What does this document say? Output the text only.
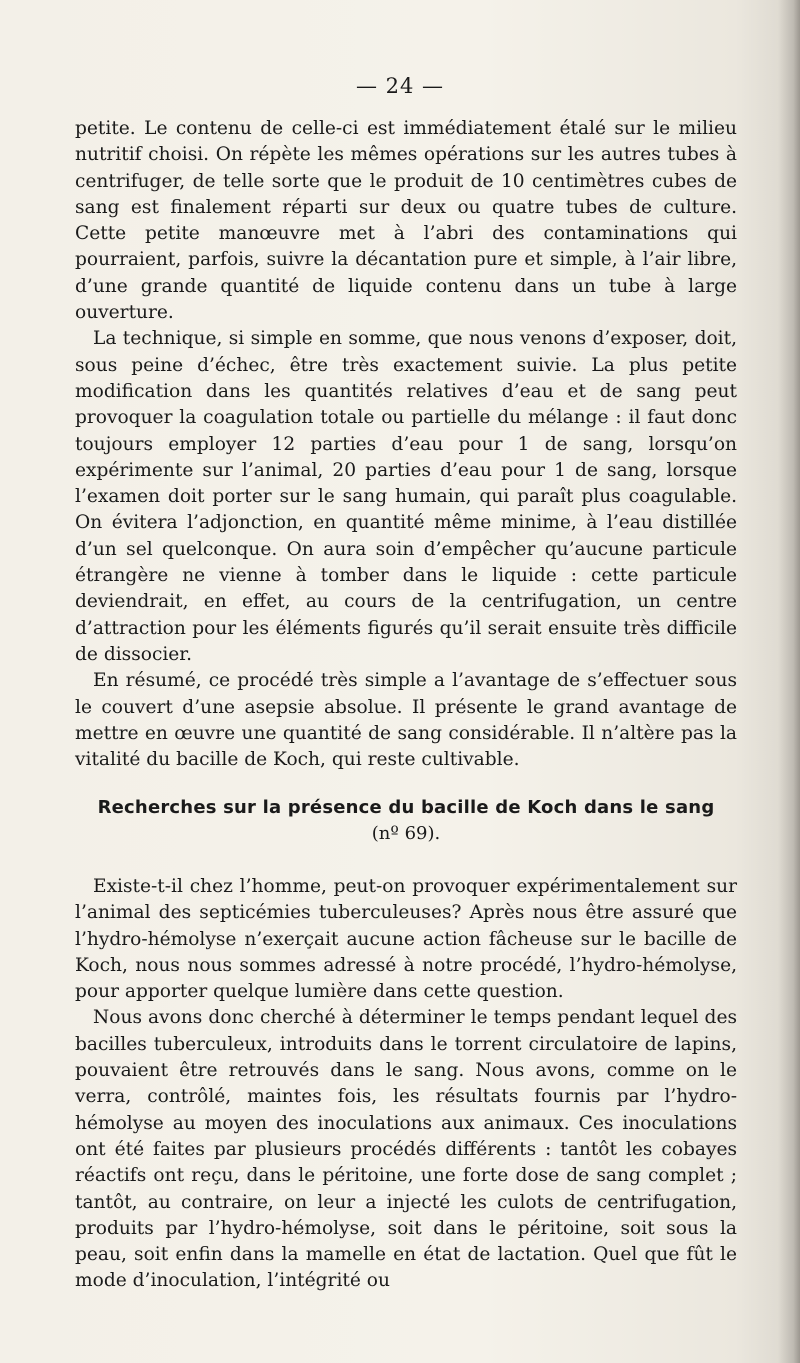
— 24 —

petite. Le contenu de celle-ci est immédiatement étalé sur le milieu nutritif choisi. On répète les mêmes opérations sur les autres tubes à centrifuger, de telle sorte que le produit de 10 centimètres cubes de sang est finalement réparti sur deux ou quatre tubes de culture. Cette petite manœuvre met à l’abri des contaminations qui pourraient, parfois, suivre la décantation pure et simple, à l’air libre, d’une grande quantité de liquide contenu dans un tube à large ouverture.

La technique, si simple en somme, que nous venons d’exposer, doit, sous peine d’échec, être très exactement suivie. La plus petite modification dans les quantités relatives d’eau et de sang peut provoquer la coagulation totale ou partielle du mélange : il faut donc toujours employer 12 parties d’eau pour 1 de sang, lorsqu’on expérimente sur l’animal, 20 parties d’eau pour 1 de sang, lorsque l’examen doit porter sur le sang humain, qui paraît plus coagulable. On évitera l’adjonction, en quantité même minime, à l’eau distillée d’un sel quelconque. On aura soin d’empêcher qu’aucune particule étrangère ne vienne à tomber dans le liquide : cette particule deviendrait, en effet, au cours de la centrifugation, un centre d’attraction pour les éléments figurés qu’il serait ensuite très difficile de dissocier.

En résumé, ce procédé très simple a l’avantage de s’effectuer sous le couvert d’une asepsie absolue. Il présente le grand avantage de mettre en œuvre une quantité de sang considérable. Il n’altère pas la vitalité du bacille de Koch, qui reste cultivable.

Recherches sur la présence du bacille de Koch dans le sang
(nº 69).

Existe-t-il chez l’homme, peut-on provoquer expérimentalement sur l’animal des septicémies tuberculeuses? Après nous être assuré que l’hydro-hémolyse n’exerçait aucune action fâcheuse sur le bacille de Koch, nous nous sommes adressé à notre procédé, l’hydro-hémolyse, pour apporter quelque lumière dans cette question.

Nous avons donc cherché à déterminer le temps pendant lequel des bacilles tuberculeux, introduits dans le torrent circulatoire de lapins, pouvaient être retrouvés dans le sang. Nous avons, comme on le verra, contrôlé, maintes fois, les résultats fournis par l’hydro-hémolyse au moyen des inoculations aux animaux. Ces inoculations ont été faites par plusieurs procédés différents : tantôt les cobayes réactifs ont reçu, dans le péritoine, une forte dose de sang complet ; tantôt, au contraire, on leur a injecté les culots de centrifugation, produits par l’hydro-hémolyse, soit dans le péritoine, soit sous la peau, soit enfin dans la mamelle en état de lactation. Quel que fût le mode d’inoculation, l’intégrité ou
